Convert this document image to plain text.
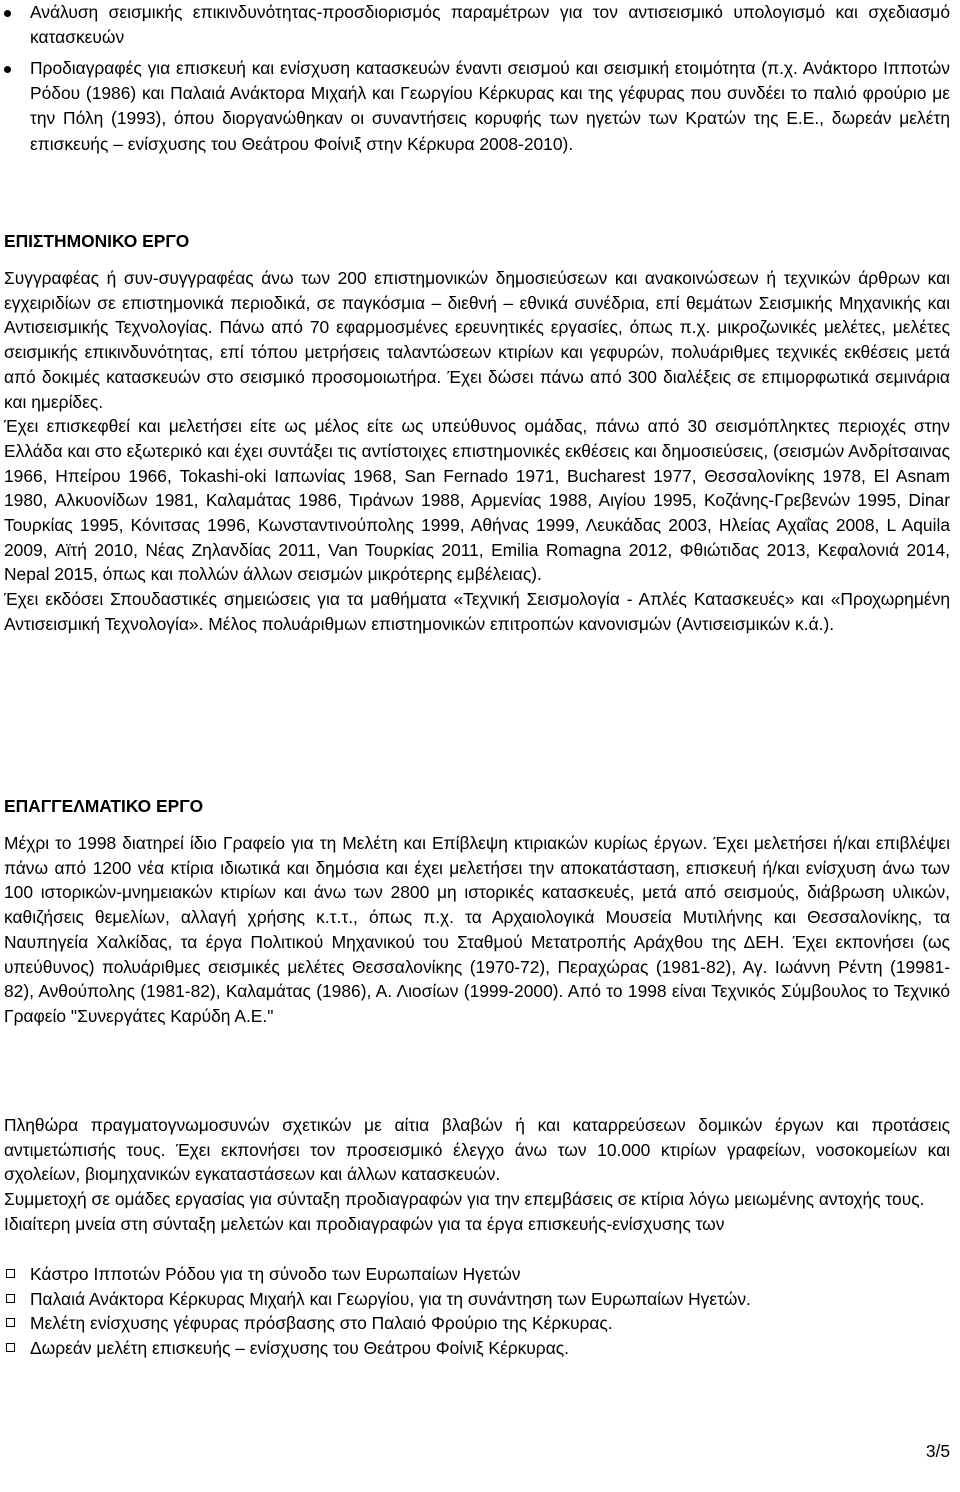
Ανάλυση σεισμικής επικινδυνότητας-προσδιορισμός παραμέτρων για τον αντισεισμικό υπολογισμό και σχεδιασμό κατασκευών
Προδιαγραφές για επισκευή και ενίσχυση κατασκευών έναντι σεισμού και σεισμική ετοιμότητα (π.χ. Ανάκτορο Ιπποτών Ρόδου (1986) και Παλαιά Ανάκτορα Μιχαήλ και Γεωργίου Κέρκυρας και της γέφυρας που συνδέει το παλιό φρούριο με την Πόλη (1993), όπου διοργανώθηκαν οι συναντήσεις κορυφής των ηγετών των Κρατών της Ε.Ε., δωρεάν μελέτη επισκευής – ενίσχυσης του Θεάτρου Φοίνιξ στην Κέρκυρα 2008-2010).
ΕΠΙΣΤΗΜΟΝΙΚΟ ΕΡΓΟ

Συγγραφέας ή συν-συγγραφέας άνω των 200 επιστημονικών δημοσιεύσεων και ανακοινώσεων ή τεχνικών άρθρων και εγχειριδίων σε επιστημονικά περιοδικά, σε παγκόσμια – διεθνή – εθνικά συνέδρια, επί θεμάτων Σεισμικής Μηχανικής και Αντισεισμικής Τεχνολογίας. Πάνω από 70 εφαρμοσμένες ερευνητικές εργασίες, όπως π.χ. μικροζωνικές μελέτες, μελέτες σεισμικής επικινδυνότητας, επί τόπου μετρήσεις ταλαντώσεων κτιρίων και γεφυρών, πολυάριθμες τεχνικές εκθέσεις μετά από δοκιμές κατασκευών στο σεισμικό προσομοιωτήρα. Έχει δώσει πάνω από 300 διαλέξεις σε επιμορφωτικά σεμινάρια και ημερίδες.

Έχει επισκεφθεί και μελετήσει είτε ως μέλος είτε ως υπεύθυνος ομάδας, πάνω από 30 σεισμόπληκτες περιοχές στην Ελλάδα και στο εξωτερικό και έχει συντάξει τις αντίστοιχες επιστημονικές εκθέσεις και δημοσιεύσεις, (σεισμών Ανδρίτσαινας 1966, Ηπείρου 1966, Tokashi-oki Ιαπωνίας 1968, San Fernado 1971, Bucharest 1977, Θεσσαλονίκης 1978, El Asnam 1980, Αλκυονίδων 1981, Καλαμάτας 1986, Τιράνων 1988, Αρμενίας 1988, Αιγίου 1995, Κοζάνης-Γρεβενών 1995, Dinar Τουρκίας 1995, Κόνιτσας 1996, Κωνσταντινούπολης 1999, Αθήνας 1999, Λευκάδας 2003, Ηλείας Αχαΐας 2008, L Aquila 2009, Αϊτή 2010, Νέας Ζηλανδίας 2011, Van Τουρκίας 2011, Emilia Romagna 2012, Φθιώτιδας 2013, Κεφαλονιά 2014, Nepal 2015, όπως και πολλών άλλων σεισμών μικρότερης εμβέλειας).

Έχει εκδόσει Σπουδαστικές σημειώσεις για τα μαθήματα «Τεχνική Σεισμολογία - Απλές Κατασκευές» και «Προχωρημένη Αντισεισμική Τεχνολογία». Μέλος πολυάριθμων επιστημονικών επιτροπών κανονισμών (Αντισεισμικών κ.ά.).

ΕΠΑΓΓΕΛΜΑΤΙΚΟ ΕΡΓΟ

Μέχρι το 1998 διατηρεί ίδιο Γραφείο για τη Μελέτη και Επίβλεψη κτιριακών κυρίως έργων. Έχει μελετήσει ή/και επιβλέψει πάνω από 1200 νέα κτίρια ιδιωτικά και δημόσια και έχει μελετήσει την αποκατάσταση, επισκευή ή/και ενίσχυση άνω των 100 ιστορικών-μνημειακών κτιρίων και άνω των 2800 μη ιστορικές κατασκευές, μετά από σεισμούς, διάβρωση υλικών, καθιζήσεις θεμελίων, αλλαγή χρήσης κ.τ.τ., όπως π.χ. τα Αρχαιολογικά Μουσεία Μυτιλήνης και Θεσσαλονίκης, τα Ναυπηγεία Χαλκίδας, τα έργα Πολιτικού Μηχανικού του Σταθμού Μετατροπής Αράχθου της ΔΕΗ. Έχει εκπονήσει (ως υπεύθυνος) πολυάριθμες σεισμικές μελέτες Θεσσαλονίκης (1970-72), Περαχώρας (1981-82), Αγ. Ιωάννη Ρέντη (19981-82), Ανθούπολης (1981-82), Καλαμάτας (1986), Α. Λιοσίων (1999-2000). Από το 1998 είναι Τεχνικός Σύμβουλος το Τεχνικό Γραφείο "Συνεργάτες Καρύδη Α.Ε."

Πληθώρα πραγματογνωμοσυνών σχετικών με αίτια βλαβών ή και καταρρεύσεων δομικών έργων και προτάσεις αντιμετώπισής τους. Έχει εκπονήσει τον προσεισμικό έλεγχο άνω των 10.000 κτιρίων γραφείων, νοσοκομείων και σχολείων, βιομηχανικών εγκαταστάσεων και άλλων κατασκευών.

Συμμετοχή σε ομάδες εργασίας για σύνταξη προδιαγραφών για την επεμβάσεις σε κτίρια λόγω μειωμένης αντοχής τους.

Ιδιαίτερη μνεία στη σύνταξη μελετών και προδιαγραφών για τα έργα επισκευής-ενίσχυσης των

Κάστρο Ιπποτών Ρόδου για τη σύνοδο των Ευρωπαίων Ηγετών
Παλαιά Ανάκτορα Κέρκυρας Μιχαήλ και Γεωργίου, για τη συνάντηση των Ευρωπαίων Ηγετών.
Μελέτη ενίσχυσης γέφυρας πρόσβασης στο Παλαιό Φρούριο της Κέρκυρας.
Δωρεάν μελέτη επισκευής – ενίσχυσης του Θεάτρου Φοίνιξ Κέρκυρας.
3/5
